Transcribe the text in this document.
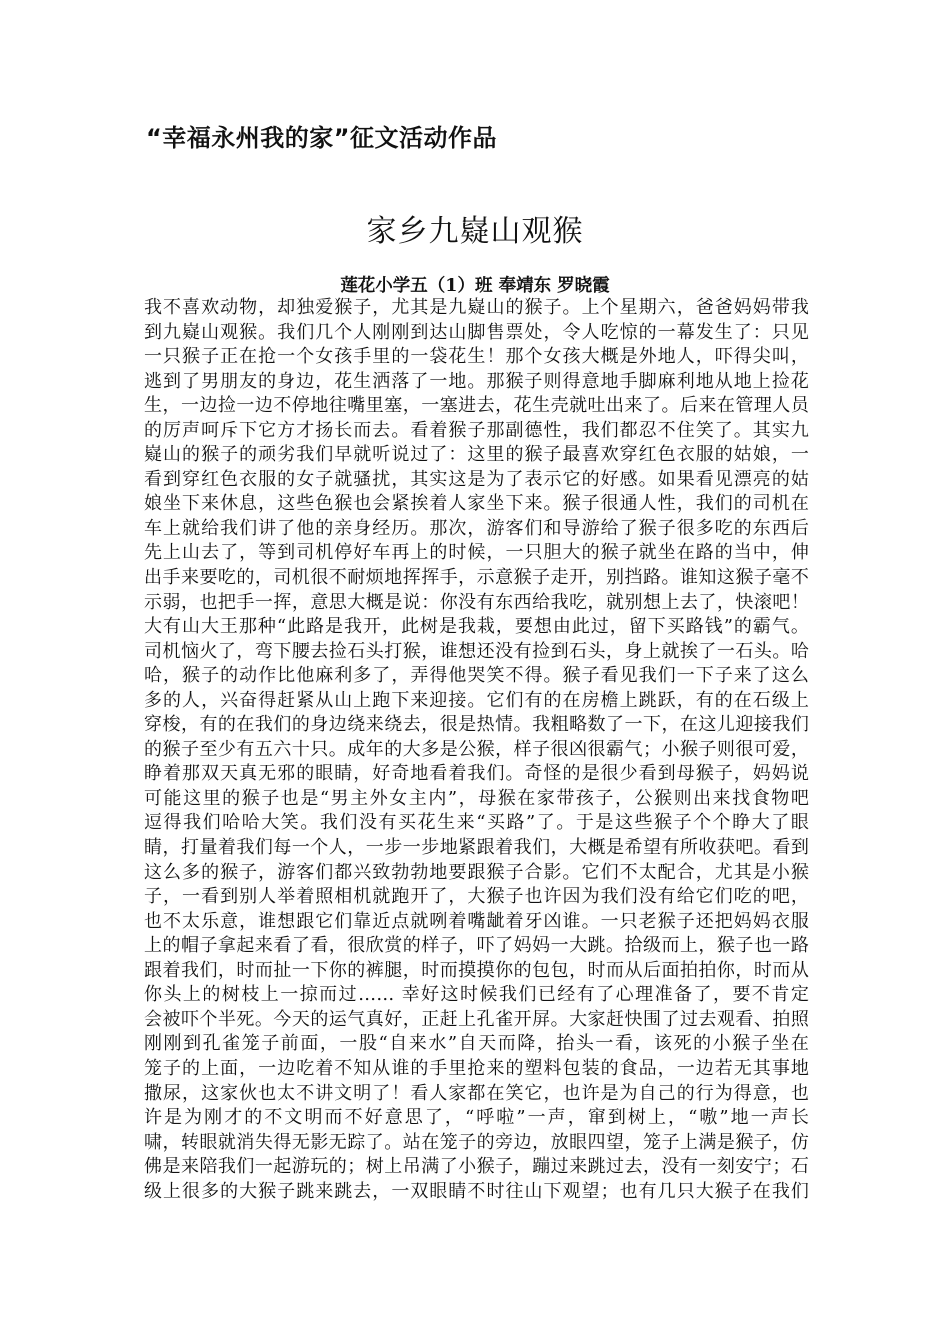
“幸福永州我的家”征文活动作品
家乡九嶷山观猴
莲花小学五（1）班 奉靖东 罗晓霞
我不喜欢动物，却独爱猴子，尤其是九嶷山的猴子。上个星期六，爸爸妈妈带我
到九嶷山观猴。我们几个人刚刚到达山脚售票处，令人吃惊的一幕发生了：只见
一只猴子正在抢一个女孩手里的一袋花生！那个女孩大概是外地人，吓得尖叫，
逃到了男朋友的身边，花生洒落了一地。那猴子则得意地手脚麻利地从地上捡花
生，一边捡一边不停地往嘴里塞，一塞进去，花生壳就吐出来了。后来在管理人员
的厉声呵斥下它方才扬长而去。看着猴子那副德性，我们都忍不住笑了。其实九
嶷山的猴子的顽劣我们早就听说过了：这里的猴子最喜欢穿红色衣服的姑娘，一
看到穿红色衣服的女子就骚扰，其实这是为了表示它的好感。如果看见漂亮的姑
娘坐下来休息，这些色猴也会紧挨着人家坐下来。猴子很通人性，我们的司机在
车上就给我们讲了他的亲身经历。那次，游客们和导游给了猴子很多吃的东西后
先上山去了，等到司机停好车再上的时候，一只胆大的猴子就坐在路的当中，伸
出手来要吃的，司机很不耐烦地挥挥手，示意猴子走开，别挡路。谁知这猴子毫不
示弱，也把手一挥，意思大概是说：你没有东西给我吃，就别想上去了，快滚吧！
大有山大王那种“此路是我开，此树是我栽，要想由此过，留下买路钱”的霸气。
司机恼火了，弯下腰去捡石头打猴，谁想还没有捡到石头，身上就挨了一石头。哈
哈，猴子的动作比他麻利多了，弄得他哭笑不得。猴子看见我们一下子来了这么
多的人，兴奋得赶紧从山上跑下来迎接。它们有的在房檐上跳跃，有的在石级上
穿梭，有的在我们的身边绕来绕去，很是热情。我粗略数了一下，在这儿迎接我们
的猴子至少有五六十只。成年的大多是公猴，样子很凶很霸气；小猴子则很可爱，
睁着那双天真无邪的眼睛，好奇地看着我们。奇怪的是很少看到母猴子，妈妈说
可能这里的猴子也是“男主外女主内”，母猴在家带孩子，公猴则出来找食物吧
逗得我们哈哈大笑。我们没有买花生来“买路”了。于是这些猴子个个睁大了眼
睛，打量着我们每一个人，一步一步地紧跟着我们，大概是希望有所收获吧。看到
这么多的猴子，游客们都兴致勃勃地要跟猴子合影。它们不太配合，尤其是小猴
子，一看到别人举着照相机就跑开了，大猴子也许因为我们没有给它们吃的吧，
也不太乐意，谁想跟它们靠近点就咧着嘴龇着牙凶谁。一只老猴子还把妈妈衣服
上的帽子拿起来看了看，很欣赏的样子，吓了妈妈一大跳。拾级而上，猴子也一路
跟着我们，时而扯一下你的裤腿，时而摸摸你的包包，时而从后面拍拍你，时而从
你头上的树枝上一掠而过…… 幸好这时候我们已经有了心理准备了，要不肯定
会被吓个半死。今天的运气真好，正赶上孔雀开屏。大家赶快围了过去观看、拍照
刚刚到孔雀笼子前面，一股“自来水”自天而降，抬头一看，该死的小猴子坐在
笼子的上面，一边吃着不知从谁的手里抢来的塑料包装的食品，一边若无其事地
撒尿，这家伙也太不讲文明了！看人家都在笑它，也许是为自己的行为得意，也
许是为刚才的不文明而不好意思了，“呼啦”一声，窜到树上，“嗷”地一声长
啸，转眼就消失得无影无踪了。站在笼子的旁边，放眼四望，笼子上满是猴子，仿
佛是来陪我们一起游玩的；树上吊满了小猴子，蹦过来跳过去，没有一刻安宁；石
级上很多的大猴子跳来跳去，一双眼睛不时往山下观望；也有几只大猴子在我们
